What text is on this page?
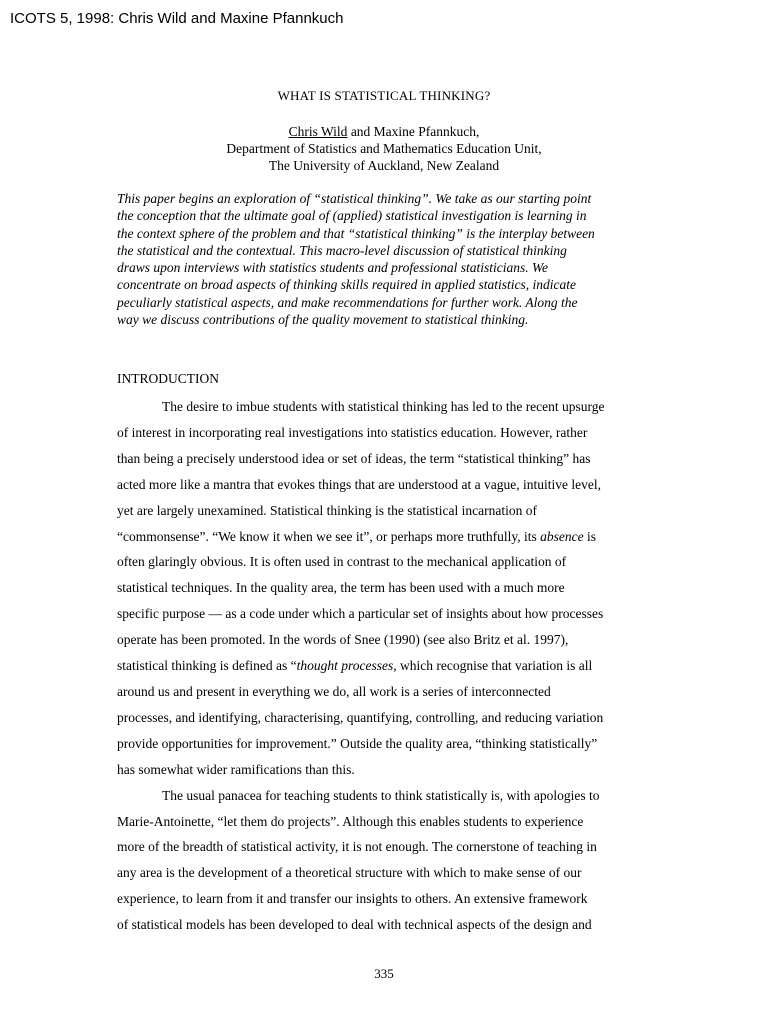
ICOTS 5, 1998: Chris Wild and Maxine Pfannkuch
WHAT IS STATISTICAL THINKING?
Chris Wild and Maxine Pfannkuch,
Department of Statistics and Mathematics Education Unit,
The University of Auckland, New Zealand
This paper begins an exploration of “statistical thinking”. We take as our starting point
the conception that the ultimate goal of (applied) statistical investigation is learning in
the context sphere of the problem and that “statistical thinking” is the interplay between
the statistical and the contextual. This macro-level discussion of statistical thinking
draws upon interviews with statistics students and professional statisticians. We
concentrate on broad aspects of thinking skills required in applied statistics, indicate
peculiarly statistical aspects, and make recommendations for further work. Along the
way we discuss contributions of the quality movement to statistical thinking.
INTRODUCTION
The desire to imbue students with statistical thinking has led to the recent upsurge
of interest in incorporating real investigations into statistics education. However, rather
than being a precisely understood idea or set of ideas, the term “statistical thinking” has
acted more like a mantra that evokes things that are understood at a vague, intuitive level,
yet are largely unexamined. Statistical thinking is the statistical incarnation of
“commonsense”. “We know it when we see it”, or perhaps more truthfully, its absence is
often glaringly obvious. It is often used in contrast to the mechanical application of
statistical techniques. In the quality area, the term has been used with a much more
specific purpose — as a code under which a particular set of insights about how processes
operate has been promoted. In the words of Snee (1990) (see also Britz et al. 1997),
statistical thinking is defined as “thought processes, which recognise that variation is all
around us and present in everything we do, all work is a series of interconnected
processes, and identifying, characterising, quantifying, controlling, and reducing variation
provide opportunities for improvement.” Outside the quality area, “thinking statistically”
has somewhat wider ramifications than this.
The usual panacea for teaching students to think statistically is, with apologies to
Marie-Antoinette, “let them do projects”. Although this enables students to experience
more of the breadth of statistical activity, it is not enough. The cornerstone of teaching in
any area is the development of a theoretical structure with which to make sense of our
experience, to learn from it and transfer our insights to others. An extensive framework
of statistical models has been developed to deal with technical aspects of the design and
335
